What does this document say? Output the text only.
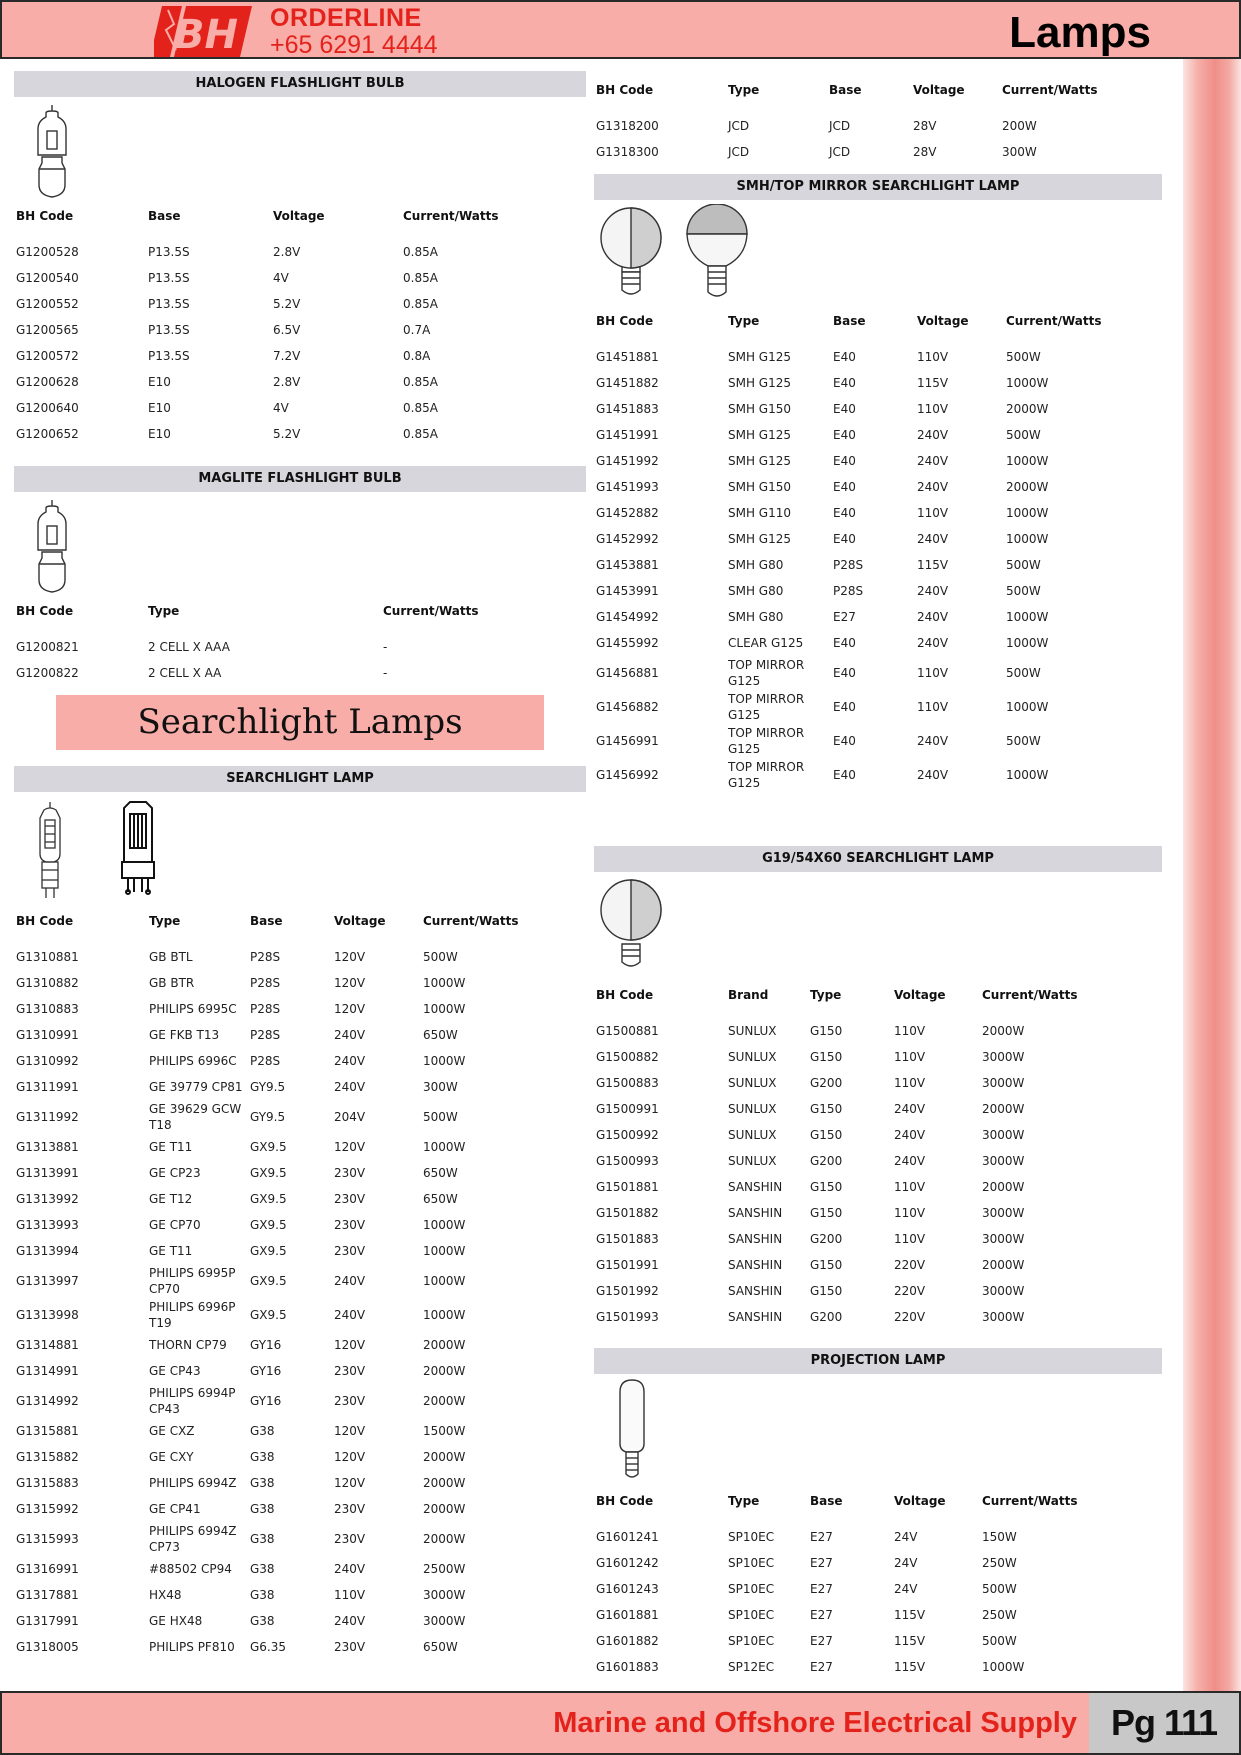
BH ORDERLINE
+65 6291 4444	Lamps
HALOGEN FLASHLIGHT BULB
BH Code	Base	Voltage	Current/Watts

G1200528	P13.5S	2.8V	0.85A
G1200540	P13.5S	4V	0.85A
G1200552	P13.5S	5.2V	0.85A
G1200565	P13.5S	6.5V	0.7A
G1200572	P13.5S	7.2V	0.8A
G1200628	E10	2.8V	0.85A
G1200640	E10	4V	0.85A
G1200652	E10	5.2V	0.85A
MAGLITE FLASHLIGHT BULB
BH Code	Type	Current/Watts

G1200821	2 CELL X AAA	-
G1200822	2 CELL X AA	-
Searchlight Lamps
SEARCHLIGHT LAMP
BH Code	Type	Base	Voltage	Current/Watts

G1310881	GB BTL	P28S	120V	500W
G1310882	GB BTR	P28S	120V	1000W
G1310883	PHILIPS 6995C	P28S	120V	1000W
G1310991	GE FKB T13	P28S	240V	650W
G1310992	PHILIPS 6996C	P28S	240V	1000W
G1311991	GE 39779 CP81	GY9.5	240V	300W
G1311992	GE 39629 GCW T18	GY9.5	204V	500W
G1313881	GE T11	GX9.5	120V	1000W
G1313991	GE CP23	GX9.5	230V	650W
G1313992	GE T12	GX9.5	230V	650W
G1313993	GE CP70	GX9.5	230V	1000W
G1313994	GE T11	GX9.5	230V	1000W
G1313997	PHILIPS 6995P CP70	GX9.5	240V	1000W
G1313998	PHILIPS 6996P T19	GX9.5	240V	1000W
G1314881	THORN CP79	GY16	120V	2000W
G1314991	GE CP43	GY16	230V	2000W
G1314992	PHILIPS 6994P CP43	GY16	230V	2000W
G1315881	GE CXZ	G38	120V	1500W
G1315882	GE CXY	G38	120V	2000W
G1315883	PHILIPS 6994Z	G38	120V	2000W
G1315992	GE CP41	G38	230V	2000W
G1315993	PHILIPS 6994Z CP73	G38	230V	2000W
G1316991	#88502 CP94	G38	240V	2500W
G1317881	HX48	G38	110V	3000W
G1317991	GE HX48	G38	240V	3000W
G1318005	PHILIPS PF810	G6.35	230V	650W
BH Code	Type	Base	Voltage	Current/Watts

G1318200	JCD	JCD	28V	200W
G1318300	JCD	JCD	28V	300W
SMH/TOP MIRROR SEARCHLIGHT LAMP
BH Code	Type	Base	Voltage	Current/Watts

G1451881	SMH G125	E40	110V	500W
G1451882	SMH G125	E40	115V	1000W
G1451883	SMH G150	E40	110V	2000W
G1451991	SMH G125	E40	240V	500W
G1451992	SMH G125	E40	240V	1000W
G1451993	SMH G150	E40	240V	2000W
G1452882	SMH G110	E40	110V	1000W
G1452992	SMH G125	E40	240V	1000W
G1453881	SMH G80	P28S	115V	500W
G1453991	SMH G80	P28S	240V	500W
G1454992	SMH G80	E27	240V	1000W
G1455992	CLEAR G125	E40	240V	1000W
G1456881	TOP MIRROR G125	E40	110V	500W
G1456882	TOP MIRROR G125	E40	110V	1000W
G1456991	TOP MIRROR G125	E40	240V	500W
G1456992	TOP MIRROR G125	E40	240V	1000W
G19/54X60 SEARCHLIGHT LAMP
BH Code	Brand	Type	Voltage	Current/Watts

G1500881	SUNLUX	G150	110V	2000W
G1500882	SUNLUX	G150	110V	3000W
G1500883	SUNLUX	G200	110V	3000W
G1500991	SUNLUX	G150	240V	2000W
G1500992	SUNLUX	G150	240V	3000W
G1500993	SUNLUX	G200	240V	3000W
G1501881	SANSHIN	G150	110V	2000W
G1501882	SANSHIN	G150	110V	3000W
G1501883	SANSHIN	G200	110V	3000W
G1501991	SANSHIN	G150	220V	2000W
G1501992	SANSHIN	G150	220V	3000W
G1501993	SANSHIN	G200	220V	3000W
PROJECTION LAMP
BH Code	Type	Base	Voltage	Current/Watts

G1601241	SP10EC	E27	24V	150W
G1601242	SP10EC	E27	24V	250W
G1601243	SP10EC	E27	24V	500W
G1601881	SP10EC	E27	115V	250W
G1601882	SP10EC	E27	115V	500W
G1601883	SP12EC	E27	115V	1000W
Marine and Offshore Electrical Supply Pg 111
